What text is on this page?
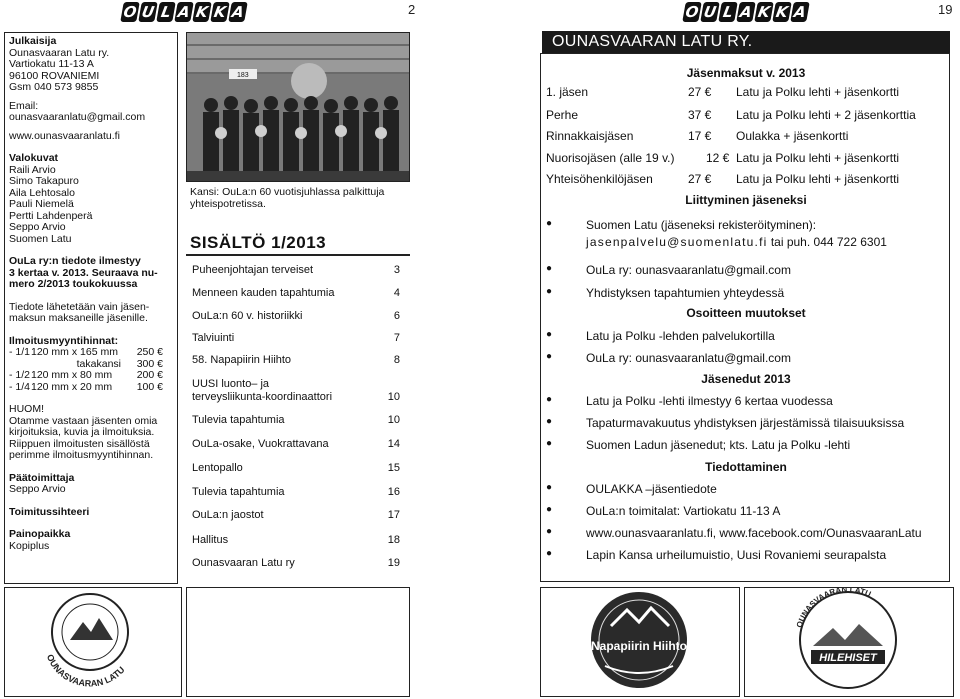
O U L A K K A	2

Julkaisija

Ounasvaaran Latu ry.

Vartiokatu 11-13 A

96100 ROVANIEMI

Gsm 040 573 9855

Email:

ounasvaaranlatu@gmail.com

www.ounasvaaranlatu.fi

Valokuvat

Raili Arvio

Simo Takapuro

Aila Lehtosalo

Pauli Niemelä

Pertti Lahdenperä

Seppo Arvio

Suomen Latu

OuLa ry:n tiedote ilmestyy

3 kertaa v. 2013. Seuraava nu-

mero 2/2013 toukokuussa

Tiedote lähetetään vain jäsen-

maksun maksaneille jäsenille.

Ilmoitusmyyntihinnat:

- 1/1 120 mm x 165 mm	250 €
takakansi	300 €
- 1/2 120 mm x 80 mm	200 €
- 1/4 120 mm x 20 mm	100 €

HUOM!

Otamme vastaan jäsenten omia

kirjoituksia, kuvia ja ilmoituksia.

Riippuen ilmoitusten sisällöstä

perimme ilmoitusmyyntihinnan.

Päätoimittaja

Seppo Arvio

Toimitussihteeri

Painopaikka

Kopiplus

183
Kansi: OuLa:n 60 vuotisjuhlassa palkittuja yhteispotretissa.
SISÄLTÖ 1/2013
Puheenjohtajan terveiset	3
Menneen kauden tapahtumia	4
OuLa:n 60 v. historiikki	6
Talviuinti	7
58. Napapiirin Hiihto	8
UUSI luonto– ja terveysliikunta-koordinaattori	10
Tulevia tapahtumia	10
OuLa-osake, Vuokrattavana	14
Lentopallo	15
Tulevia tapahtumia	16
OuLa:n jaostot	17
Hallitus	18
Ounasvaaran Latu ry	19
OUNASVAARAN LATU
O U L A K K A	19
OUNASVAARAN LATU RY.
Jäsenmaksut v. 2013
1. jäsen	27 €	Latu ja Polku lehti + jäsenkortti
Perhe	37 €	Latu ja Polku lehti + 2 jäsenkorttia
Rinnakkaisjäsen	17 €	Oulakka + jäsenkortti
Nuorisojäsen (alle 19 v.)	12 € Latu ja Polku lehti + jäsenkortti
Yhteisöhenkilöjäsen	27 €	Latu ja Polku lehti + jäsenkortti
Liittyminen jäseneksi
●	Suomen Latu (jäseneksi rekisteröityminen):
jasenpalvelu@suomenlatu.fi tai puh. 044 722 6301
●	OuLa ry: ounasvaaranlatu@gmail.com
●	Yhdistyksen tapahtumien yhteydessä
Osoitteen muutokset
●	Latu ja Polku -lehden palvelukortilla
●	OuLa ry: ounasvaaranlatu@gmail.com
Jäsenedut 2013
●	Latu ja Polku -lehti ilmestyy 6 kertaa vuodessa
●	Tapaturmavakuutus yhdistyksen järjestämissä tilaisuuksissa
●	Suomen Ladun jäsenedut; kts. Latu ja Polku -lehti
Tiedottaminen
●	OULAKKA –jäsentiedote
●	OuLa:n toimitalat: Vartiokatu 11-13 A
●	www.ounasvaaranlatu.fi, www.facebook.com/OunasvaaranLatu
●	Lapin Kansa urheilumuistio, Uusi Rovaniemi seurapalsta
Napapiirin Hiihto
OUNASVAARAN LATU
HILEHISET
